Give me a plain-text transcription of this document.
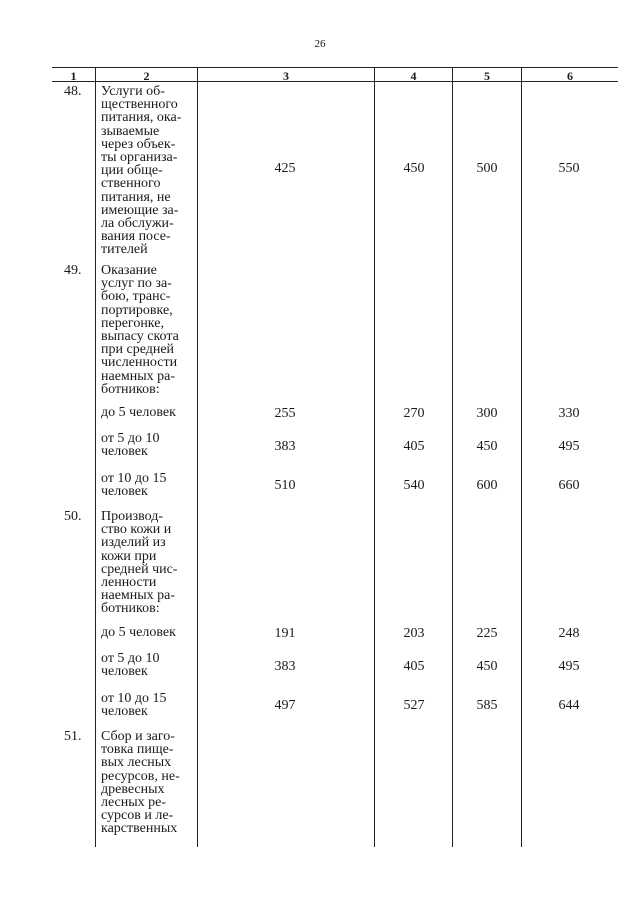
26
1	2	3	4	5	6
48. Услуги об-
щественного
питания, ока-
зываемые
через объек-
ты организа-
ции обще-
ственного
питания, не
имеющие за-
ла обслужи-
вания посе-
тителей
425	450	500	550
49. Оказание
услуг по за-
бою, транс-
портировке,
перегонке,
выпасу скота
при средней
численности
наемных ра-
ботников:
до 5 человек	255	270	300	330
от 5 до 10
человек	383	405	450	495
от 10 до 15
человек	510	540	600	660
50. Производ-
ство кожи и
изделий из
кожи при
средней чис-
ленности
наемных ра-
ботников:
до 5 человек	191	203	225	248
от 5 до 10
человек	383	405	450	495
от 10 до 15
человек	497	527	585	644
51. Сбор и заго-
товка пище-
вых лесных
ресурсов, не-
древесных
лесных ре-
сурсов и ле-
карственных
